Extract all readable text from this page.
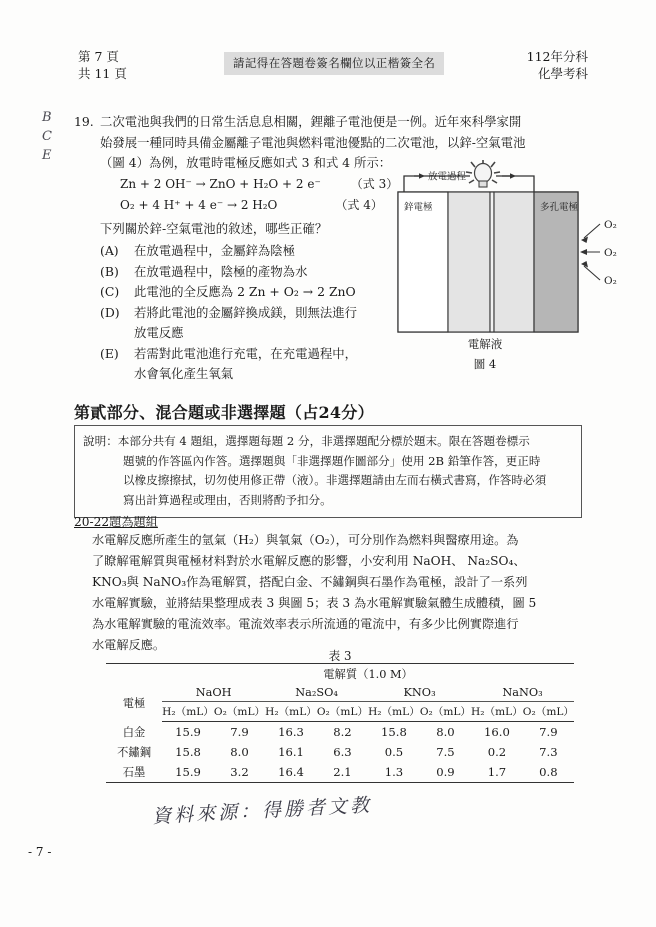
第 7 頁
共 11 頁
請記得在答題卷簽名欄位以正楷簽全名	112年分科
化學考科
B
C
E
19. 二次電池與我們的日常生活息息相關，鋰離子電池便是一例。近年來科學家開
始發展一種同時具備金屬離子電池與燃料電池優點的二次電池，以鋅-空氣電池
（圖 4）為例，放電時電極反應如式 3 和式 4 所示：
Zn + 2 OH⁻ → ZnO + H₂O + 2 e⁻	（式 3）
O₂ + 4 H⁺ + 4 e⁻ → 2 H₂O	（式 4）
下列關於鋅-空氣電池的敘述，哪些正確？
(A) 在放電過程中，金屬鋅為陰極
(B) 在放電過程中，陰極的產物為水
(C) 此電池的全反應為 2 Zn + O₂ → 2 ZnO
(D) 若將此電池的金屬鋅換成鎂，則無法進行
放電反應
(E) 若需對此電池進行充電，在充電過程中，
水會氧化產生氧氣
放電過程
鋅電極	多孔電極
O₂
O₂
O₂
電解液
圖 4
第貳部分、混合題或非選擇題（占24分）
說明：本部分共有 4 題組，選擇題每題 2 分，非選擇題配分標於題末。限在答題卷標示
題號的作答區內作答。選擇題與「非選擇題作圖部分」使用 2B 鉛筆作答，更正時
以橡皮擦擦拭，切勿使用修正帶（液）。非選擇題請由左而右橫式書寫，作答時必須
寫出計算過程或理由，否則將酌予扣分。
20-22題為題組
水電解反應所產生的氫氣（H₂）與氧氣（O₂），可分別作為燃料與醫療用途。為
了瞭解電解質與電極材料對於水電解反應的影響，小安利用 NaOH、 Na₂SO₄、
KNO₃與 NaNO₃作為電解質，搭配白金、不鏽鋼與石墨作為電極，設計了一系列
水電解實驗，並將結果整理成表 3 與圖 5；表 3 為水電解實驗氣體生成體積，圖 5
為水電解實驗的電流效率。電流效率表示所流通的電流中，有多少比例實際進行
水電解反應。
表 3
	電解質（1.0 M）							
電極	NaOH		Na₂SO₄		KNO₃		NaNO₃	
	H₂（mL）	O₂（mL）	H₂（mL）	O₂（mL）	H₂（mL）	O₂（mL）	H₂（mL）	O₂（mL）
白金	15.9	7.9	16.3	8.2	15.8	8.0	16.0	7.9
不鏽鋼	15.8	8.0	16.1	6.3	0.5	7.5	0.2	7.3
石墨	15.9	3.2	16.4	2.1	1.3	0.9	1.7	0.8
資料來源：得勝者文教
- 7 -
